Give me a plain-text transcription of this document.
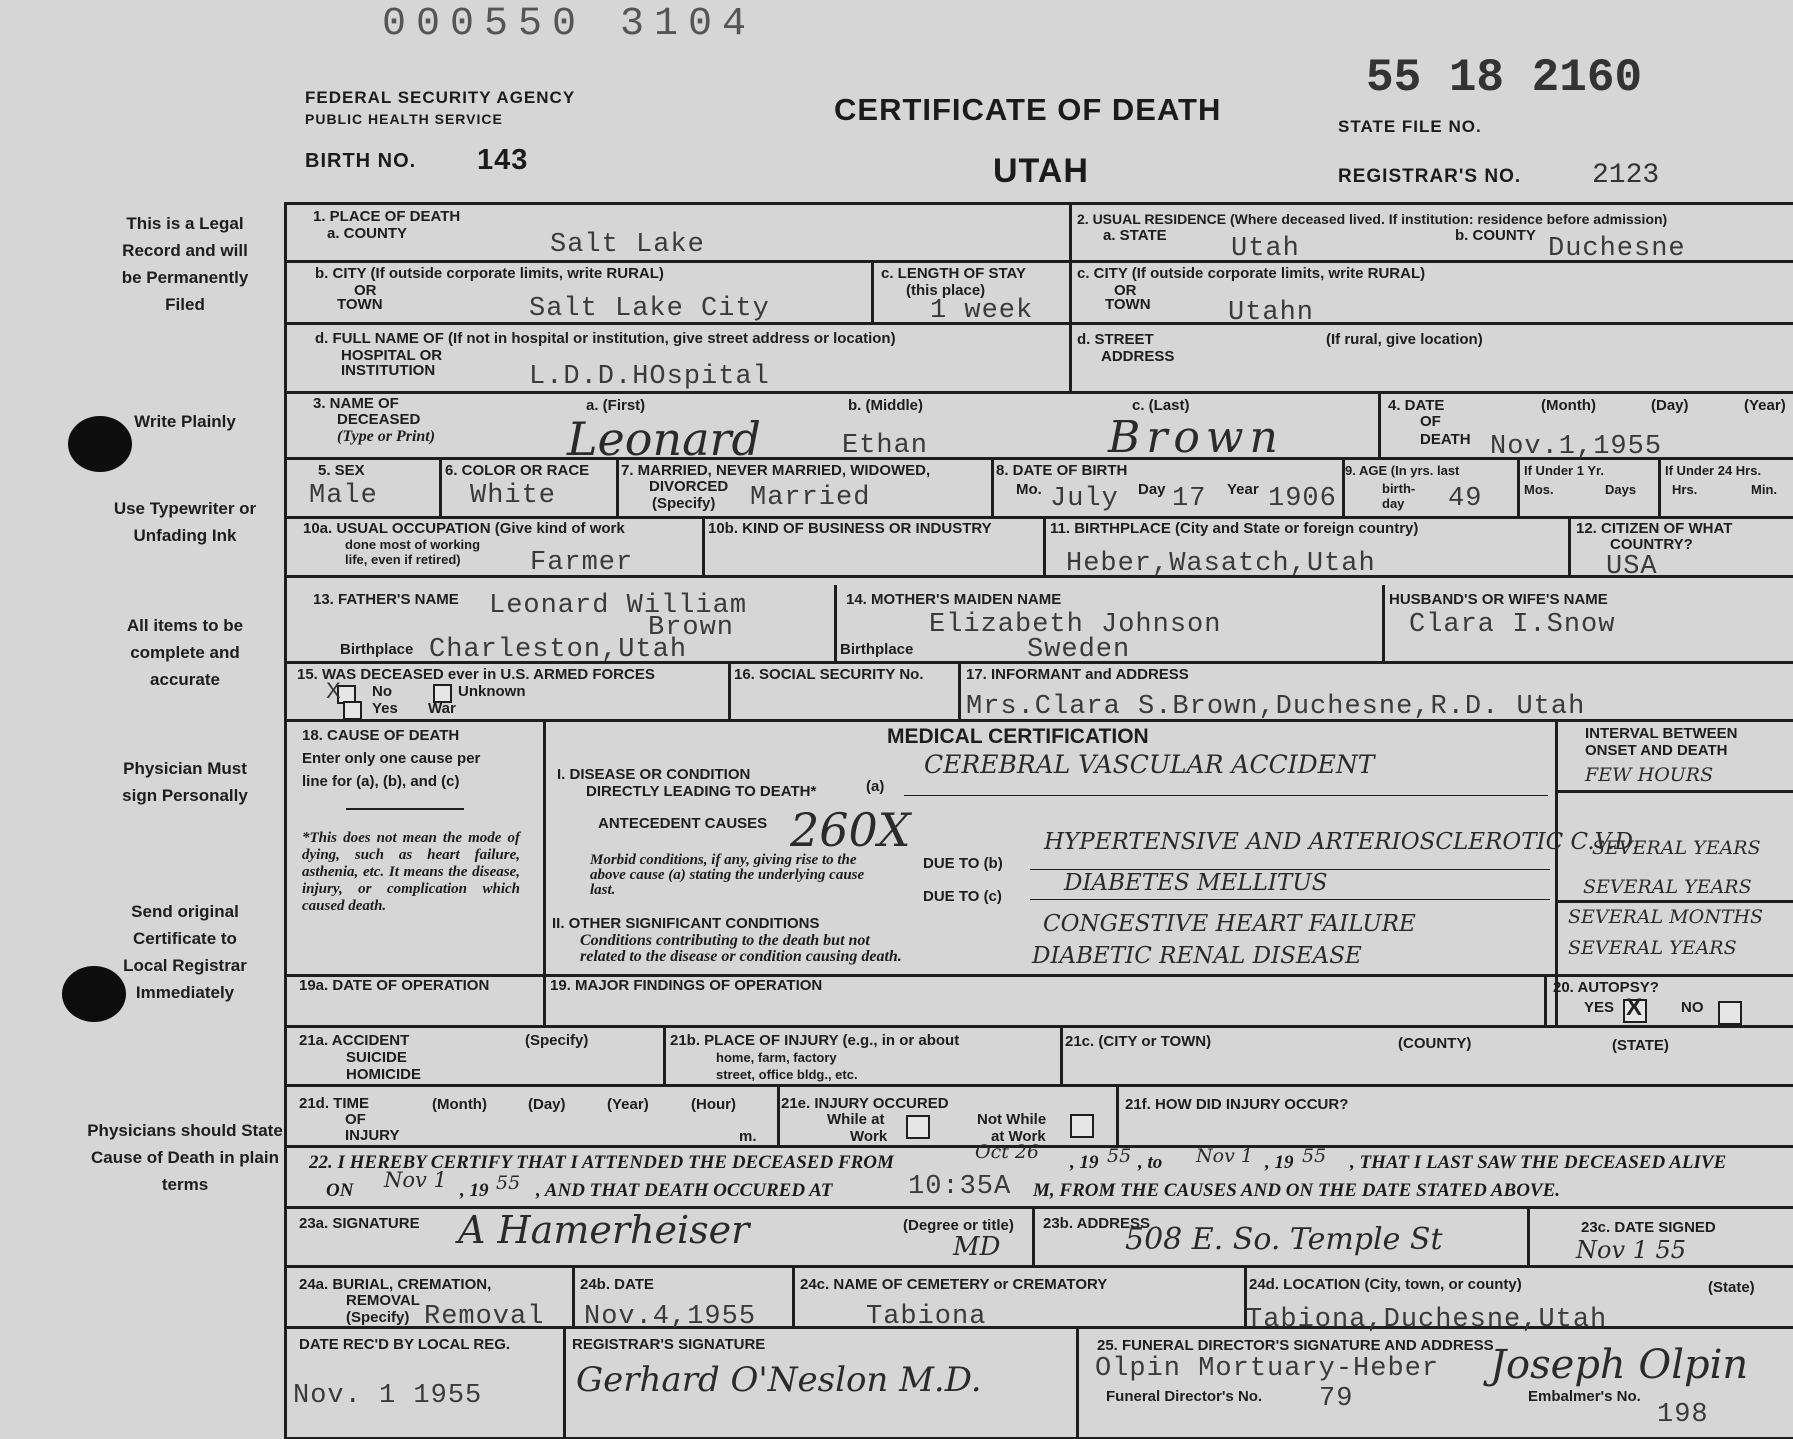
000550 3104
FEDERAL SECURITY AGENCY
PUBLIC HEALTH SERVICE
BIRTH NO. 143
CERTIFICATE OF DEATH
UTAH
55 18 2160
STATE FILE NO.
REGISTRAR'S NO.	2123
This is a Legal Record and will be Permanently Filed
Write Plainly
Use Typewriter or Unfading Ink
All items to be complete and accurate
Physician Must sign Personally
Send original Certificate to Local Registrar Immediately
Physicians should State Cause of Death in plain terms
1. PLACE OF DEATH
a. COUNTY	Salt Lake
2. USUAL RESIDENCE (Where deceased lived. If institution: residence before admission)
a. STATE	b. COUNTY
Utah	Duchesne
b. CITY (If outside corporate limits, write RURAL)
OR
TOWN	Salt Lake City
c. LENGTH OF STAY
(this place)
1 week
c. CITY (If outside corporate limits, write RURAL)
OR
TOWN	Utahn
d. FULL NAME OF (If not in hospital or institution, give street address or location)
HOSPITAL OR
INSTITUTION	L.D.D.HOspital
d. STREET
ADDRESS
(If rural, give location)
3. NAME OF
DECEASED
(Type or Print)
a. (First)	b. (Middle)	c. (Last)
Leonard	Ethan	Brown
4. DATE
OF
DEATH
(Month)	(Day)	(Year)
Nov.1,1955
5. SEX
Male
6. COLOR OR RACE
White
7. MARRIED, NEVER MARRIED, WIDOWED,
DIVORCED
(Specify) Married
8. DATE OF BIRTH
Mo. July Day 17 Year 1906
9. AGE (In yrs. last
birth-
day 49
If Under 1 Yr.
Mos.	Days
If Under 24 Hrs.
Hrs.	Min.
10a. USUAL OCCUPATION (Give kind of work
done most of working
life, even if retired)	Farmer
10b. KIND OF BUSINESS OR INDUSTRY	11. BIRTHPLACE (City and State or foreign country)
Heber,Wasatch,Utah
12. CITIZEN OF WHAT
COUNTRY?
USA
13. FATHER'S NAME Leonard William
Brown
Birthplace Charleston,Utah
14. MOTHER'S MAIDEN NAME
Elizabeth Johnson
Birthplace	Sweden
HUSBAND'S OR WIFE'S NAME
Clara I.Snow
15. WAS DECEASED ever in U.S. ARMED FORCES
X No	Unknown
Yes War
16. SOCIAL SECURITY No.	17. INFORMANT and ADDRESS
Mrs.Clara S.Brown,Duchesne,R.D. Utah
18. CAUSE OF DEATH
Enter only one cause per
line for (a), (b), and (c)
*This does not mean the mode of dying, such as heart failure, asthenia, etc. It means the disease, injury, or complication which caused death.
MEDICAL CERTIFICATION	INTERVAL BETWEEN
ONSET AND DEATH
I. DISEASE OR CONDITION
DIRECTLY LEADING TO DEATH*	(a)
CEREBRAL VASCULAR ACCIDENT	FEW HOURS
ANTECEDENT CAUSES 260X
Morbid conditions, if any, giving rise to the above cause (a) stating the underlying cause last.
DUE TO (b)
HYPERTENSIVE AND ARTERIOSCLEROTIC C.V.D.
SEVERAL YEARS
DUE TO (c)
DIABETES MELLITUS	SEVERAL YEARS
II. OTHER SIGNIFICANT CONDITIONS
Conditions contributing to the death but not
related to the disease or condition causing death.
CONGESTIVE HEART FAILURE	SEVERAL MONTHS
DIABETIC RENAL DISEASE	SEVERAL YEARS
19a. DATE OF OPERATION	19. MAJOR FINDINGS OF OPERATION	20. AUTOPSY?
YES X	NO
21a. ACCIDENT
SUICIDE
HOMICIDE
(Specify)	21b. PLACE OF INJURY (e.g., in or about
home, farm, factory
street, office bldg., etc.
21c. (CITY or TOWN)	(COUNTY)	(STATE)
21d. TIME
OF
INJURY
(Month)	(Day)	(Year)	(Hour)
m.
21e. INJURY OCCURED
While at
Work
Not While
at Work
21f. HOW DID INJURY OCCUR?
22. I HEREBY CERTIFY THAT I ATTENDED THE DECEASED FROM	Oct 26 , 19 55 , to Nov 1 , 19 55 , THAT I LAST SAW THE DECEASED ALIVE
ON Nov 1 , 19 55 , AND THAT DEATH OCCURED AT	10:35A M, FROM THE CAUSES AND ON THE DATE STATED ABOVE.
23a. SIGNATURE A Hamerheiser	(Degree or title)
MD
23b. ADDRESS
508 E. So. Temple St	23c. DATE SIGNED
Nov 1 55
24a. BURIAL, CREMATION,
REMOVAL
(Specify) Removal
24b. DATE
Nov.4,1955
24c. NAME OF CEMETERY or CREMATORY
Tabiona
24d. LOCATION (City, town, or county)	(State)
Tabiona,Duchesne,Utah
DATE REC'D BY LOCAL REG.
Nov. 1 1955
REGISTRAR'S SIGNATURE
Gerhard O'Neslon M.D.
25. FUNERAL DIRECTOR'S SIGNATURE AND ADDRESS
Olpin Mortuary-Heber Joseph Olpin
Funeral Director's No. 79	Embalmer's No.
198
